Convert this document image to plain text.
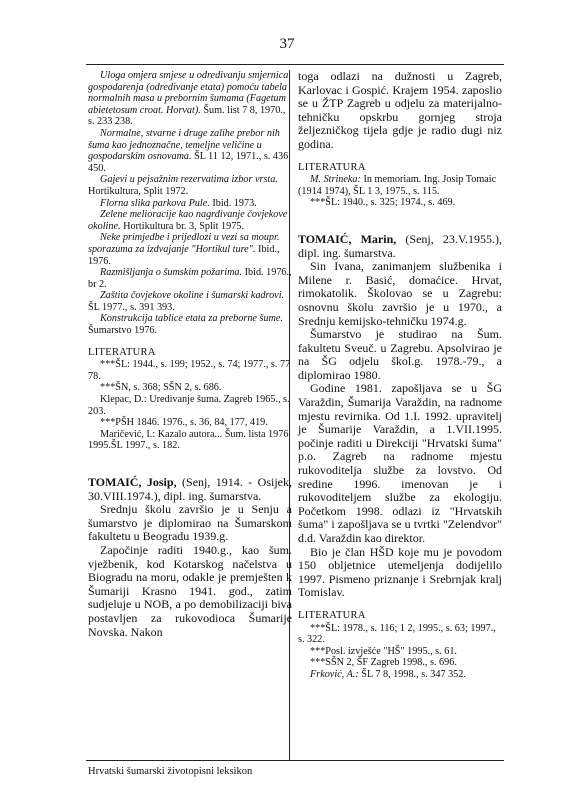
37

Uloga omjera smjese u odredivanju smjernica gospodarenja (odredivanje etata) pomoću tabela normalnih masa u prebornim šumama (Fagetum abietetosum croat. Horvat). Šum. list 7 8, 1970., s. 233 238.

Normalne, stvarne i druge zalihe prebor nih šuma kao jednoznačne, temeljne veličine u gospodarskim osnovama. ŠL 11 12, 1971., s. 436 450.

Gajevi u pejsažnim rezervatima izbor vrsta. Hortikultura, Split 1972.

Florna slika parkova Pule. Ibid. 1973.

Zelene melioracije kao nagrdivanje čovjekove okoline. Hortikultura br. 3, Split 1975.

Neke primjedbe i prijedlozi u vezi sa moupr. sporazuma za izdvajanje "Hortikul ture". Ibid., 1976.

Razmišljanja o šumskim požarima. Ibid. 1976., br 2.

Zaštita čovjekove okoline i šumarski kadrovi. ŠL 1977., s. 391 393.

Konstrukcija tablice etata za preborne šume. Šumarstvo 1976.

LITERATURA

***ŠL: 1944., s. 199; 1952., s. 74; 1977., s. 77 78.

***ŠN, s. 368; SŠN 2, s. 686.

Klepac, D.: Uredivanje šuma. Zagreb 1965., s. 203.

***PŠH 1846. 1976., s. 36, 84, 177, 419.

Maričević, I.: Kazalo autora... Šum. lista 1976 1995.ŠL 1997., s. 182.

TOMAIĆ, Josip, (Senj, 1914. - Osijek, 30.VIII.1974.), dipl. ing. šumarstva.

Srednju školu završio je u Senju a šumarstvo je diplomirao na Šumarskom fakultetu u Beogradu 1939.g.

Započinje raditi 1940.g., kao šum. vježbenik, kod Kotarskog načelstva u Biogradu na moru, odakle je premješten k Šumariji Krasno 1941. god., zatim sudjeluje u NOB, a po demobilizaciji biva postavljen za rukovodioca Šumarije Novska. Nakon

toga odlazi na dužnosti u Zagreb, Karlovac i Gospić. Krajem 1954. zaposlio se u ŽTP Zagreb u odjelu za materijalno-tehničku opskrbu gornjeg stroja željezničkog tijela gdje je radio dugi niz godina.
LITERATURA

M. Strineka: In memoriam. Ing. Josip Tomaic (1914 1974), ŠL 1 3, 1975., s. 115.

***ŠL: 1940., s. 325; 1974., s. 469.

TOMAIĆ, Marin, (Senj, 23.V.1955.), dipl. ing. šumarstva.

Sin Ivana, zanimanjem službenika i Milene r. Basić, domaćice. Hrvat, rimokatolik. Školovao se u Zagrebu: osnovnu školu završio je u 1970., a Srednju kemijsko-tehničku 1974.g.

Šumarstvo je studirao na Šum. fakultetu Sveuč. u Zagrebu. Apsolvirao je na ŠG odjelu škol.g. 1978.-79., a diplomirao 1980.

Godine 1981. zapošljava se u ŠG Varaždin, Šumarija Varaždin, na radnome mjestu revirnika. Od 1.I. 1992. upravitelj je Šumarije Varaždin, a 1.VII.1995. počinje raditi u Direkciji "Hrvatski šuma" p.o. Zagreb na radnome mjestu rukovoditelja službe za lovstvo. Od sredine 1996. imenovan je i rukovoditeljem službe za ekologiju. Početkom 1998. odlazi iz "Hrvatskih šuma" i zapošljava se u tvrtki "Zelendvor" d.d. Varaždin kao direktor.

Bio je član HŠD koje mu je povodom 150 obljetnice utemeljenja dodijelilo 1997. Pismeno priznanje i Srebrnjak kralj Tomislav.

LITERATURA

***ŠL: 1978., s. 116; 1 2, 1995., s. 63; 1997., s. 322.

***Posl. izvješće "HŠ" 1995., s. 61.

***SŠN 2, ŠF Zagreb 1998., s. 696.

Frković, A.: ŠL 7 8, 1998., s. 347 352.

Hrvatski šumarski životopisni leksikon
